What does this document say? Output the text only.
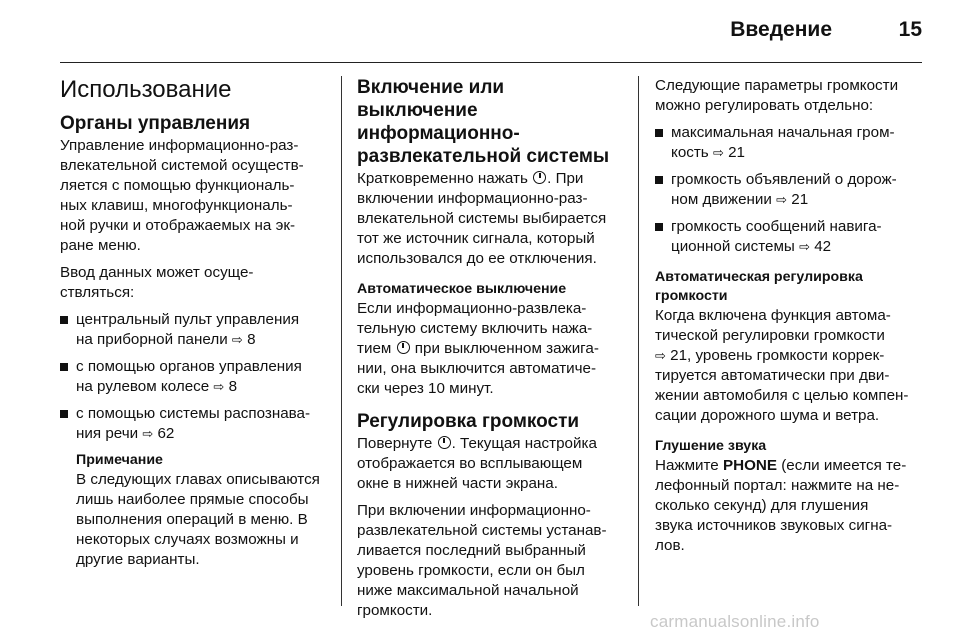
Введение	15
Использование
Органы управления
Управление информационно-раз-
влекательной системой осуществ-
ляется с помощью функциональ-
ных клавиш, многофункциональ-
ной ручки и отображаемых на эк-
ране меню.
Ввод данных может осуще-
ствляться:
центральный пульт управления
на приборной панели ⇨ 8
с помощью органов управления
на рулевом колесе ⇨ 8
с помощью системы распознава-
ния речи ⇨ 62
Примечание
В следующих главах описываются
лишь наиболее прямые способы
выполнения операций в меню. В
некоторых случаях возможны и
другие варианты.
Включение или выключение
информационно-
развлекательной системы
Кратковременно нажать . При
включении информационно-раз-
влекательной системы выбирается
тот же источник сигнала, который
использовался до ее отключения.
Автоматическое выключение
Если информационно-развлека-
тельную систему включить нажа-
тием при выключенном зажига-
нии, она выключится автоматиче-
ски через 10 минут.
Регулировка громкости
Повернуте . Текущая настройка
отображается во всплывающем
окне в нижней части экрана.
При включении информационно-
развлекательной системы устанав-
ливается последний выбранный
уровень громкости, если он был
ниже максимальной начальной
громкости.
Следующие параметры громкости
можно регулировать отдельно:
максимальная начальная гром-
кость ⇨ 21
громкость объявлений о дорож-
ном движении ⇨ 21
громкость сообщений навига-
ционной системы ⇨ 42
Автоматическая регулировка
громкости
Когда включена функция автома-
тической регулировки громкости
⇨ 21, уровень громкости коррек-
тируется автоматически при дви-
жении автомобиля с целью компен-
сации дорожного шума и ветра.
Глушение звука
Нажмите PHONE (если имеется те-
лефонный портал: нажмите на не-
сколько секунд) для глушения
звука источников звуковых сигна-
лов.
carmanualsonline.info
